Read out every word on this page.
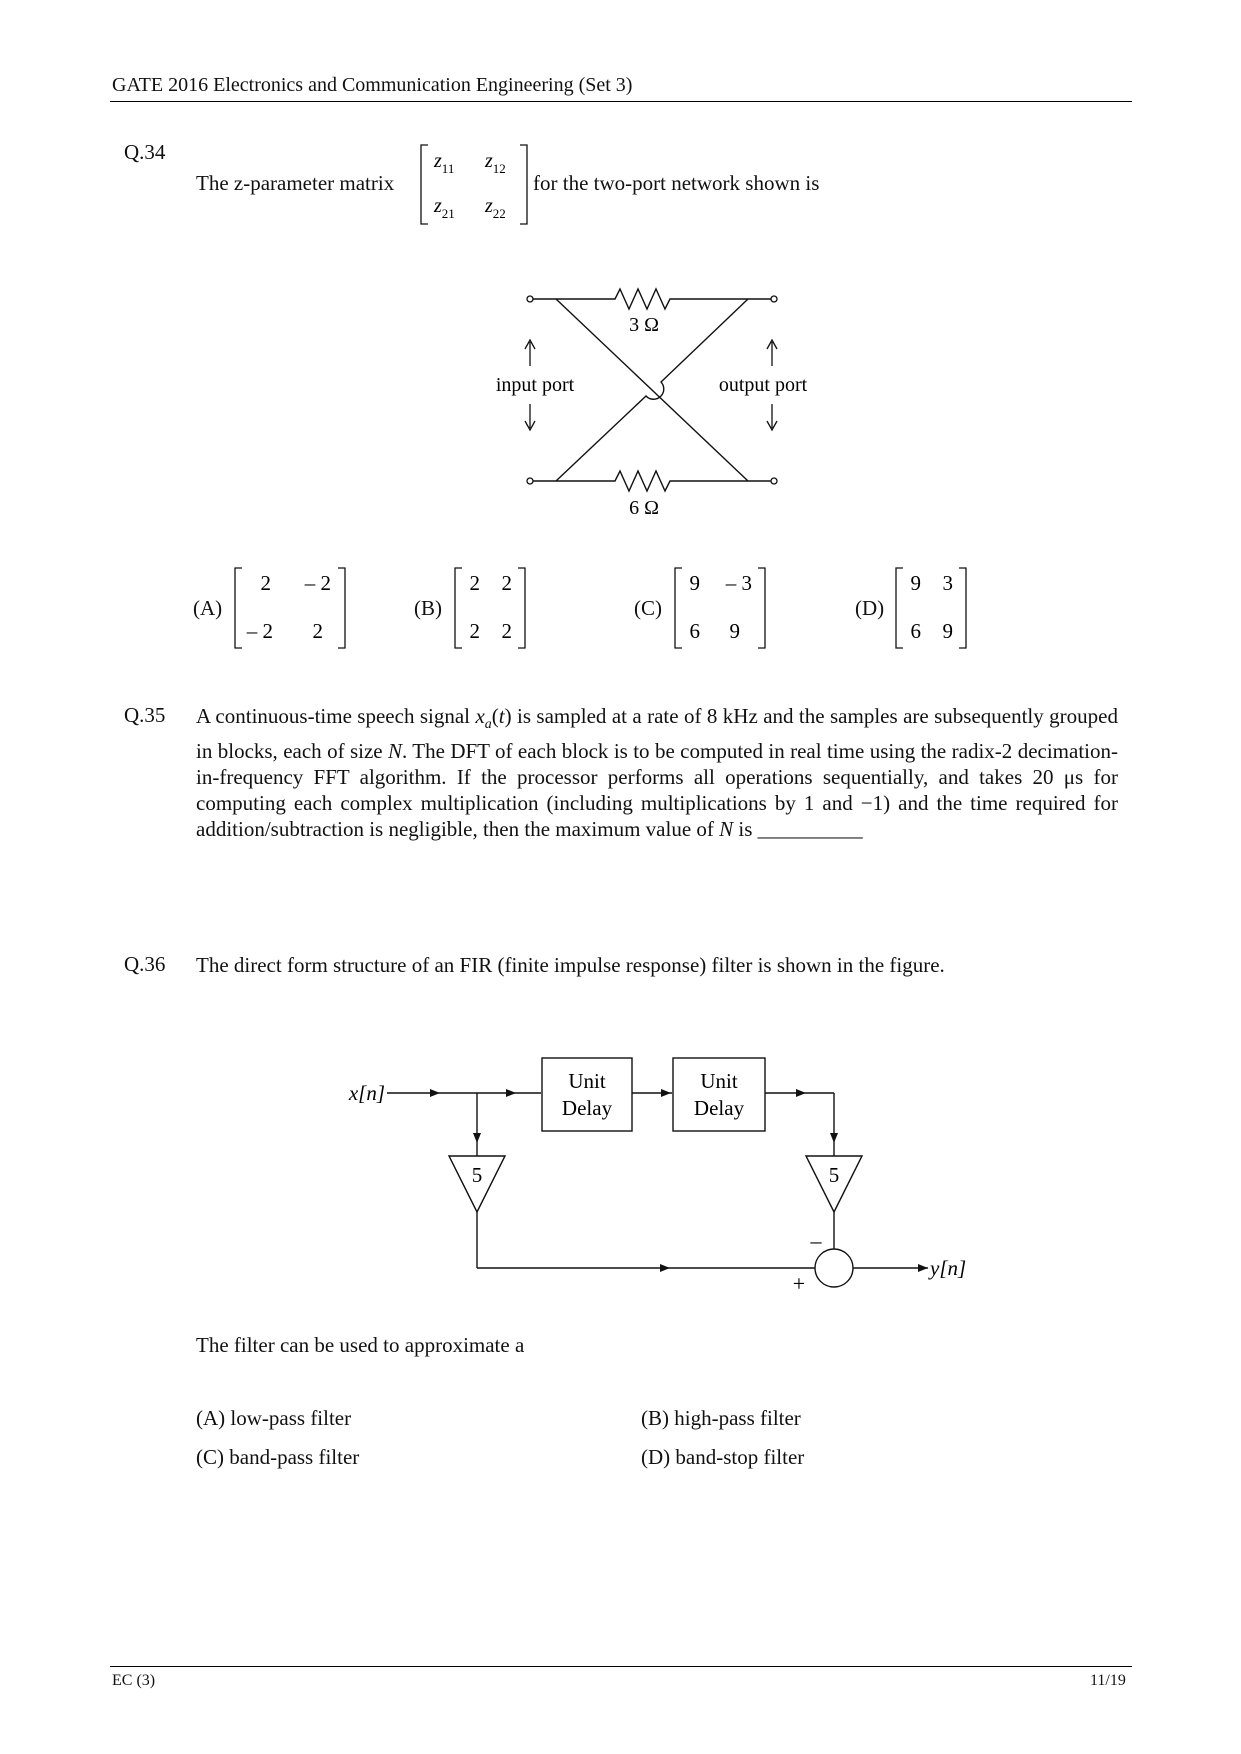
GATE 2016 Electronics and Communication Engineering (Set 3)
Q.34
The z-parameter matrix
$z_{11}$ $z_{12}$
$z_{21}$ $z_{22}$
for the two-port network shown is
3 Ω
6 Ω
input port	output port
(A)
2 – 2
– 2 2
(B)
2 2
2 2
(C)
9 – 3
6 9
(D)
9 3
6 9
Q.35 A continuous-time speech signal $x_a(t)$ is sampled at a rate of 8 kHz and the samples are subsequently grouped in blocks, each of size N. The DFT of each block is to be computed in real time using the radix-2 decimation-in-frequency FFT algorithm. If the processor performs all operations sequentially, and takes 20 μs for computing each complex multiplication (including multiplications by 1 and −1) and the time required for addition/subtraction is negligible, then the maximum value of N is __________
Q.36 The direct form structure of an FIR (finite impulse response) filter is shown in the figure.
x[n]	Unit
Delay
Unit
Delay
5	5
–
+
y[n]
The filter can be used to approximate a
(A) low-pass filter	(B) high-pass filter
(C) band-pass filter	(D) band-stop filter
EC (3)	11/19
